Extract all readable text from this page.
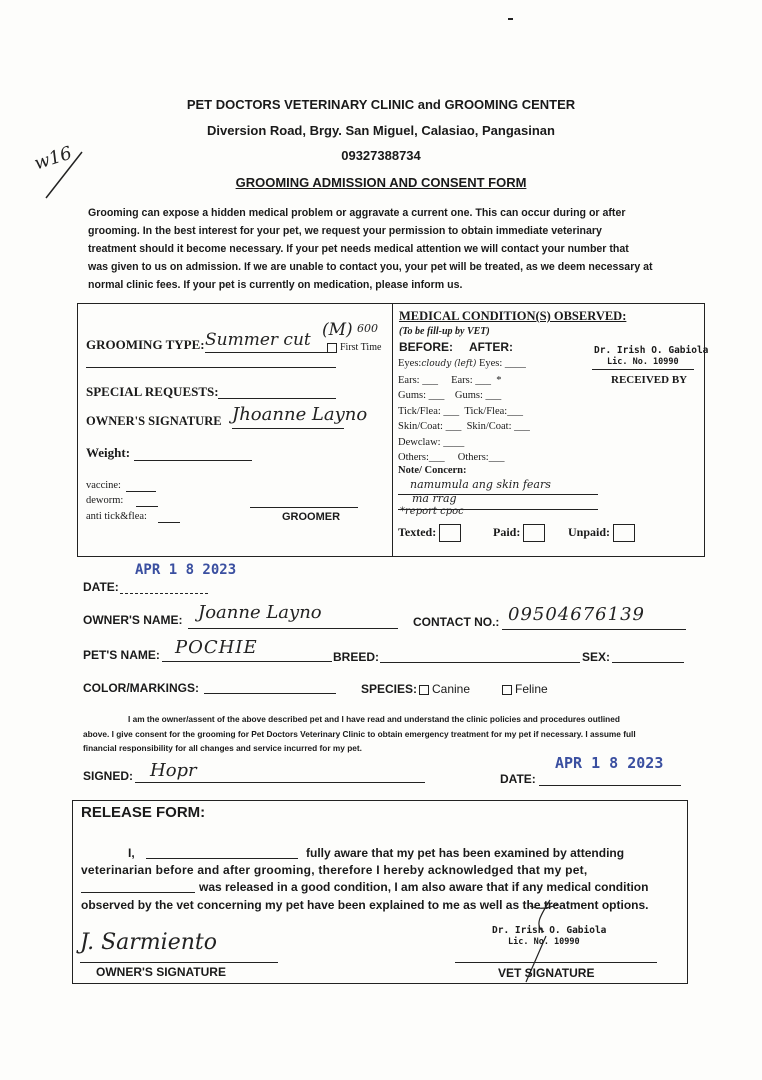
w16
PET DOCTORS VETERINARY CLINIC and GROOMING CENTER
Diversion Road, Brgy. San Miguel, Calasiao, Pangasinan
09327388734
GROOMING ADMISSION AND CONSENT FORM
Grooming can expose a hidden medical problem or aggravate a current one. This can occur during or after
grooming. In the best interest for your pet, we request your permission to obtain immediate veterinary
treatment should it become necessary. If your pet needs medical attention we will contact your number that
was given to us on admission. If we are unable to contact you, your pet will be treated, as we deem necessary at
normal clinic fees. If your pet is currently on medication, please inform us.
GROOMING TYPE: Summer cut (M) 600
First Time
SPECIAL REQUESTS:
OWNER'S SIGNATURE Jhoanne Layno
Weight:
vaccine:
deworm:
anti tick&flea:	GROOMER
MEDICAL CONDITION(S) OBSERVED:
(To be fill-up by VET)
BEFORE: AFTER:	Dr. Irish O. Gabiola
Lic. No. 10990
RECEIVED BY
Eyes:cloudy (left) Eyes: ____
Ears: ___     Ears: ___  *
Gums: ___    Gums: ___
Tick/Flea: ___  Tick/Flea:___
Skin/Coat: ___  Skin/Coat: ___
Dewclaw: ____
Others:___     Others:___
Note/ Concern:
namumula ang skin fears
ma rrag
*report cpoc
Texted:	Paid:	Unpaid:
APR 1 8 2023
DATE:
OWNER'S NAME: Joanne Layno	CONTACT NO.: 09504676139
PET'S NAME: POCHIE	BREED:	SEX:
COLOR/MARKINGS:	SPECIES:	Canine	Feline
I am the owner/assent of the above described pet and I have read and understand the clinic policies and procedures outlined
above. I give consent for the grooming for Pet Doctors Veterinary Clinic to obtain emergency treatment for my pet if necessary. I assume full
financial responsibility for all changes and service incurred for my pet.
SIGNED: Hopr	APR 1 8 2023
DATE:
RELEASE FORM:
I,	fully aware that my pet has been examined by attending
veterinarian before and after grooming, therefore I hereby acknowledged that my pet,
was released in a good condition, I am also aware that if any medical condition
observed by the vet concerning my pet have been explained to me as well as the treatment options.
J. Sarmiento
OWNER'S SIGNATURE
Dr. Irish O. Gabiola
Lic. No. 10990
VET SIGNATURE
